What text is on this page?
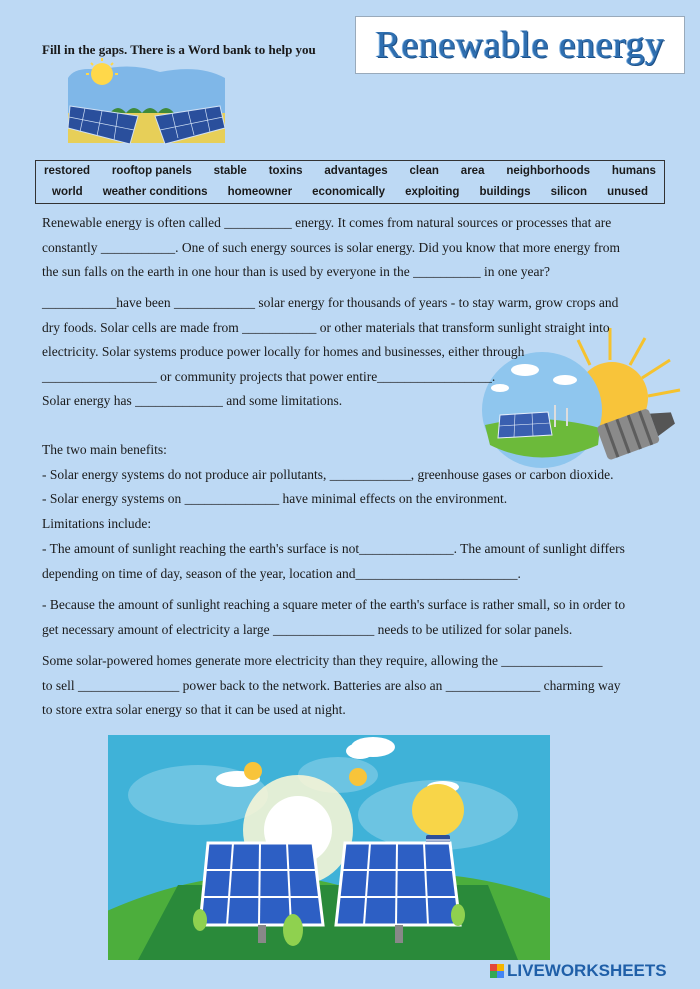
Fill in the gaps. There is a Word bank to help you Renewable energy
restored rooftop panels stable toxins advantages clean area neighborhoods humans
world weather conditions homeowner economically exploiting buildings silicon unused
Renewable energy is often called __________ energy. It comes from natural sources or processes that are
constantly ___________. One of such energy sources is solar energy. Did you know that more energy from
the sun falls on the earth in one hour than is used by everyone in the __________ in one year?
___________have been ____________ solar energy for thousands of years - to stay warm, grow crops and
dry foods. Solar cells are made from ___________ or other materials that transform sunlight straight into
electricity. Solar systems produce power locally for homes and businesses, either through
_________________ or community projects that power entire_________________.
Solar energy has _____________ and some limitations.
The two main benefits:
- Solar energy systems do not produce air pollutants, ____________, greenhouse gases or carbon dioxide.
- Solar energy systems on ______________ have minimal effects on the environment.
Limitations include:
- The amount of sunlight reaching the earth's surface is not______________. The amount of sunlight differs
depending on time of day, season of the year, location and________________________.
- Because the amount of sunlight reaching a square meter of the earth's surface is rather small, so in order to
get necessary amount of electricity a large _______________ needs to be utilized for solar panels.
Some solar-powered homes generate more electricity than they require, allowing the _______________
to sell _______________ power back to the network. Batteries are also an ______________ charming way
to store extra solar energy so that it can be used at night.
LIVEWORKSHEETS
